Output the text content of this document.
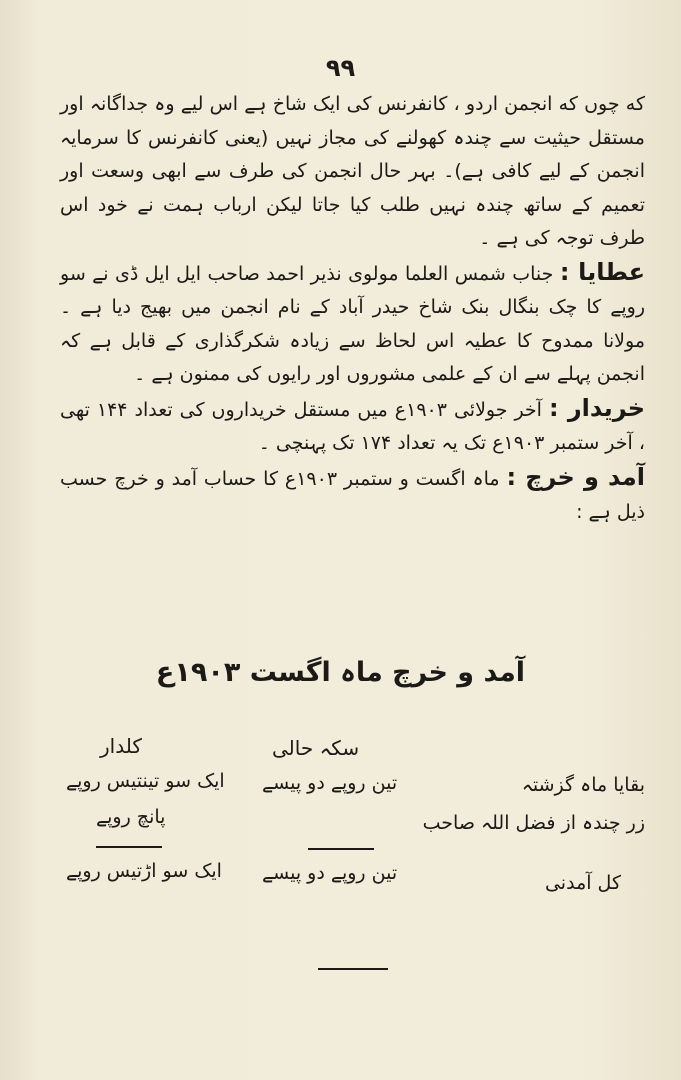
۹۹

که چوں که انجمن اردو ، کانفرنس کی ایک شاخ ہے اس لیے وہ جداگانہ اور مستقل حیثیت سے چندہ کھولنے کی مجاز نہیں (یعنی کانفرنس کا سرمایہ انجمن کے لیے کافی ہے)۔ بہر حال انجمن کی طرف سے ابھی وسعت اور تعمیم کے ساتھ چندہ نہیں طلب کیا جاتا لیکن ارباب ہمت نے خود اس طرف توجہ کی ہے ۔

عطایا : جناب شمس العلما مولوی نذیر احمد صاحب ایل ایل ڈی نے سو روپے کا چک بنگال بنک شاخ حیدر آباد کے نام انجمن میں بھیج دیا ہے ۔ مولانا ممدوح کا عطیہ اس لحاظ سے زیادہ شکرگذاری کے قابل ہے کہ انجمن پہلے سے ان کے علمی مشوروں اور رایوں کی ممنون ہے ۔

خریدار : آخر جولائی ۱۹۰۳ع میں مستقل خریداروں کی تعداد ۱۴۴ تھی ، آخر ستمبر ۱۹۰۳ع تک یہ تعداد ۱۷۴ تک پہنچی ۔

آمد و خرچ : ماہ اگست و ستمبر ۱۹۰۳ع کا حساب آمد و خرچ حسب ذیل ہے :

آمد و خرچ ماہ اگست ۱۹۰۳ع
سکہ حالی
کلدار
بقایا ماہ گزشتہ
تین روپے دو پیسے
ایک سو تینتیس روپے
زر چندہ از فضل اللہ صاحب
پانچ روپے
کل آمدنی
تین روپے دو پیسے
ایک سو اڑتیس روپے
